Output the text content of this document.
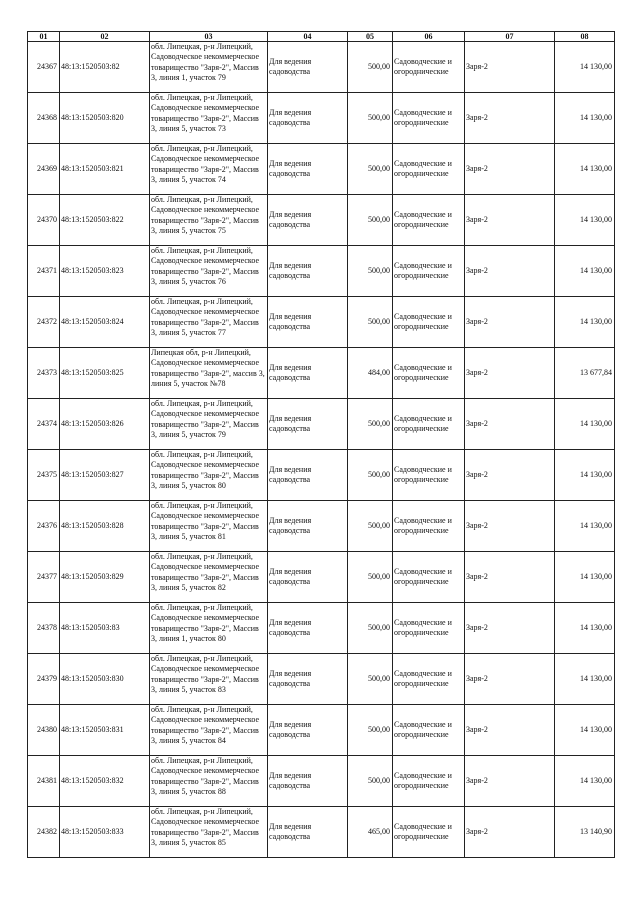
01	02	03	04	05	06	07	08
24367	48:13:1520503:82	обл. Липецкая, р-н Липецкий, Садоводческое некоммерческое товарищество "Заря-2", Массив 3, линия 1, участок 79	Для ведения садоводства	500,00	Садоводческие и огороднические	Заря-2	14 130,00
24368	48:13:1520503:820	обл. Липецкая, р-н Липецкий, Садоводческое некоммерческое товарищество "Заря-2", Массив 3, линия 5, участок 73	Для ведения садоводства	500,00	Садоводческие и огороднические	Заря-2	14 130,00
24369	48:13:1520503:821	обл. Липецкая, р-н Липецкий, Садоводческое некоммерческое товарищество "Заря-2", Массив 3, линия 5, участок 74	Для ведения садоводства	500,00	Садоводческие и огороднические	Заря-2	14 130,00
24370	48:13:1520503:822	обл. Липецкая, р-н Липецкий, Садоводческое некоммерческое товарищество "Заря-2", Массив 3, линия 5, участок 75	Для ведения садоводства	500,00	Садоводческие и огороднические	Заря-2	14 130,00
24371	48:13:1520503:823	обл. Липецкая, р-н Липецкий, Садоводческое некоммерческое товарищество "Заря-2", Массив 3, линия 5, участок 76	Для ведения садоводства	500,00	Садоводческие и огороднические	Заря-2	14 130,00
24372	48:13:1520503:824	обл. Липецкая, р-н Липецкий, Садоводческое некоммерческое товарищество "Заря-2", Массив 3, линия 5, участок 77	Для ведения садоводства	500,00	Садоводческие и огороднические	Заря-2	14 130,00
24373	48:13:1520503:825	Липецкая обл, р-н Липецкий, Садоводческое некоммерческое товарищество "Заря-2", массив 3, линия 5, участок №78	Для ведения садоводства	484,00	Садоводческие и огороднические	Заря-2	13 677,84
24374	48:13:1520503:826	обл. Липецкая, р-н Липецкий, Садоводческое некоммерческое товарищество "Заря-2", Массив 3, линия 5, участок 79	Для ведения садоводства	500,00	Садоводческие и огороднические	Заря-2	14 130,00
24375	48:13:1520503:827	обл. Липецкая, р-н Липецкий, Садоводческое некоммерческое товарищество "Заря-2", Массив 3, линия 5, участок 80	Для ведения садоводства	500,00	Садоводческие и огороднические	Заря-2	14 130,00
24376	48:13:1520503:828	обл. Липецкая, р-н Липецкий, Садоводческое некоммерческое товарищество "Заря-2", Массив 3, линия 5, участок 81	Для ведения садоводства	500,00	Садоводческие и огороднические	Заря-2	14 130,00
24377	48:13:1520503:829	обл. Липецкая, р-н Липецкий, Садоводческое некоммерческое товарищество "Заря-2", Массив 3, линия 5, участок 82	Для ведения садоводства	500,00	Садоводческие и огороднические	Заря-2	14 130,00
24378	48:13:1520503:83	обл. Липецкая, р-н Липецкий, Садоводческое некоммерческое товарищество "Заря-2", Массив 3, линия 1, участок 80	Для ведения садоводства	500,00	Садоводческие и огороднические	Заря-2	14 130,00
24379	48:13:1520503:830	обл. Липецкая, р-н Липецкий, Садоводческое некоммерческое товарищество "Заря-2", Массив 3, линия 5, участок 83	Для ведения садоводства	500,00	Садоводческие и огороднические	Заря-2	14 130,00
24380	48:13:1520503:831	обл. Липецкая, р-н Липецкий, Садоводческое некоммерческое товарищество "Заря-2", Массив 3, линия 5, участок 84	Для ведения садоводства	500,00	Садоводческие и огороднические	Заря-2	14 130,00
24381	48:13:1520503:832	обл. Липецкая, р-н Липецкий, Садоводческое некоммерческое товарищество "Заря-2", Массив 3, линия 5, участок 88	Для ведения садоводства	500,00	Садоводческие и огороднические	Заря-2	14 130,00
24382	48:13:1520503:833	обл. Липецкая, р-н Липецкий, Садоводческое некоммерческое товарищество "Заря-2", Массив 3, линия 5, участок 85	Для ведения садоводства	465,00	Садоводческие и огороднические	Заря-2	13 140,90
